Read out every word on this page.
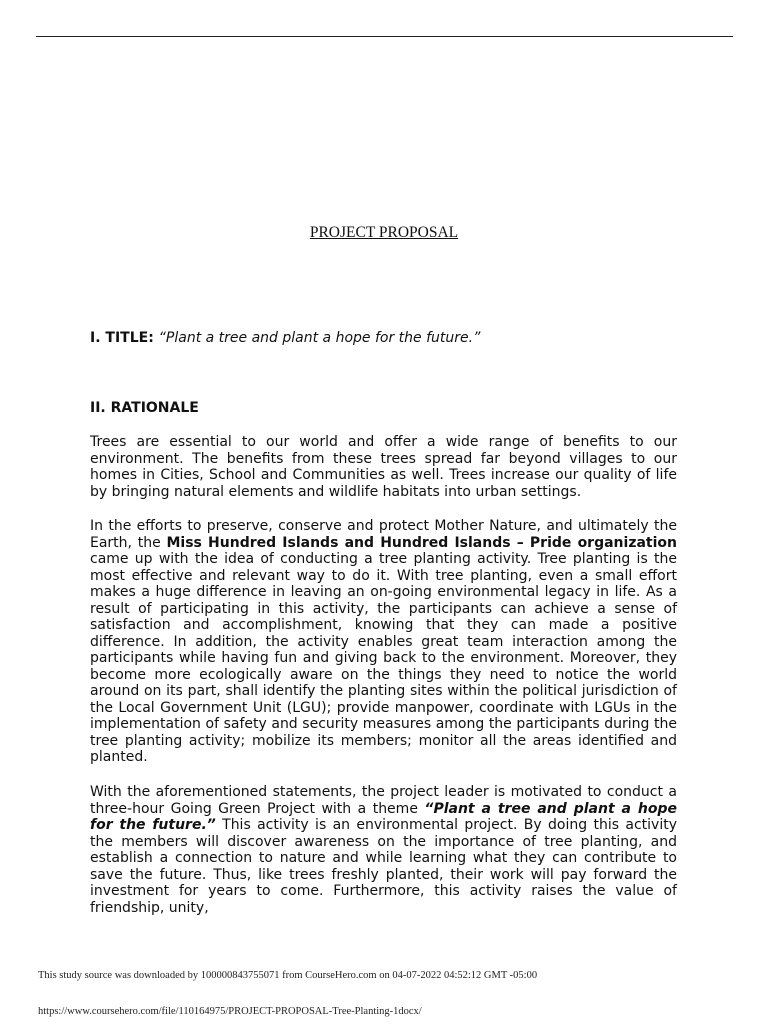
PROJECT PROPOSAL
I. TITLE: “Plant a tree and plant a hope for the future.”
II. RATIONALE
Trees are essential to our world and offer a wide range of benefits to our environment. The benefits from these trees spread far beyond villages to our homes in Cities, School and Communities as well. Trees increase our quality of life by bringing natural elements and wildlife habitats into urban settings.
In the efforts to preserve, conserve and protect Mother Nature, and ultimately the Earth, the Miss Hundred Islands and Hundred Islands – Pride organization came up with the idea of conducting a tree planting activity. Tree planting is the most effective and relevant way to do it. With tree planting, even a small effort makes a huge difference in leaving an on-going environmental legacy in life. As a result of participating in this activity, the participants can achieve a sense of satisfaction and accomplishment, knowing that they can made a positive difference. In addition, the activity enables great team interaction among the participants while having fun and giving back to the environment. Moreover, they become more ecologically aware on the things they need to notice the world around on its part, shall identify the planting sites within the political jurisdiction of the Local Government Unit (LGU); provide manpower, coordinate with LGUs in the implementation of safety and security measures among the participants during the tree planting activity; mobilize its members; monitor all the areas identified and planted.
With the aforementioned statements, the project leader is motivated to conduct a three-hour Going Green Project with a theme “Plant a tree and plant a hope for the future.” This activity is an environmental project. By doing this activity the members will discover awareness on the importance of tree planting, and establish a connection to nature and while learning what they can contribute to save the future. Thus, like trees freshly planted, their work will pay forward the investment for years to come. Furthermore, this activity raises the value of friendship, unity,
This study source was downloaded by 100000843755071 from CourseHero.com on 04-07-2022 04:52:12 GMT -05:00
https://www.coursehero.com/file/110164975/PROJECT-PROPOSAL-Tree-Planting-1docx/
